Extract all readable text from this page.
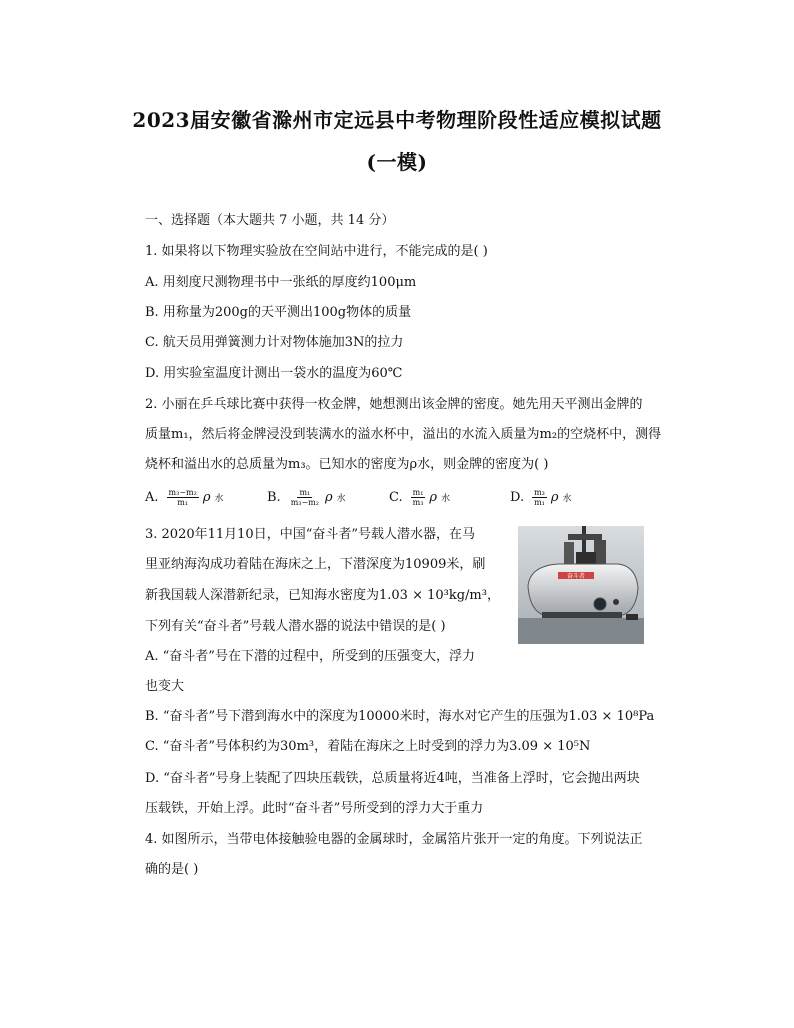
2023届安徽省滁州市定远县中考物理阶段性适应模拟试题
(一模)
一、选择题（本大题共 7 小题，共 14 分）
1. 如果将以下物理实验放在空间站中进行，不能完成的是( )
A. 用刻度尺测物理书中一张纸的厚度约100μm
B. 用称量为200g的天平测出100g物体的质量
C. 航天员用弹簧测力计对物体施加3N的拉力
D. 用实验室温度计测出一袋水的温度为60℃
2. 小丽在乒乓球比赛中获得一枚金牌，她想测出该金牌的密度。她先用天平测出金牌的
质量m₁，然后将金牌浸没到装满水的溢水杯中，溢出的水流入质量为m₂的空烧杯中，测得
烧杯和溢出水的总质量为m₃。已知水的密度为ρ水，则金牌的密度为( )
A. $\frac{\text{m₃−m₂}}{\text{m₁}}$ ρ 水	B. $\frac{\text{m₁}}{\text{m₃−m₂}}$ ρ 水	C. $\frac{\text{m₁}}{\text{m₃}}$ ρ 水	D. $\frac{\text{m₃}}{\text{m₁}}$ ρ 水
3. 2020年11月10日，中国“奋斗者”号载人潜水器，在马
里亚纳海沟成功着陆在海床之上，下潜深度为10909米，刷
新我国载人深潜新纪录，已知海水密度为1.03 × 10³kg/m³，
下列有关“奋斗者”号载人潜水器的说法中错误的是( )
奋斗者
A. “奋斗者”号在下潜的过程中，所受到的压强变大，浮力
也变大
B. “奋斗者”号下潜到海水中的深度为10000米时，海水对它产生的压强为1.03 × 10⁸Pa
C. “奋斗者”号体积约为30m³，着陆在海床之上时受到的浮力为3.09 × 10⁵N
D. “奋斗者”号身上装配了四块压载铁，总质量将近4吨，当准备上浮时，它会抛出两块
压载铁，开始上浮。此时“奋斗者”号所受到的浮力大于重力
4. 如图所示，当带电体接触验电器的金属球时，金属箔片张开一定的角度。下列说法正
确的是( )
